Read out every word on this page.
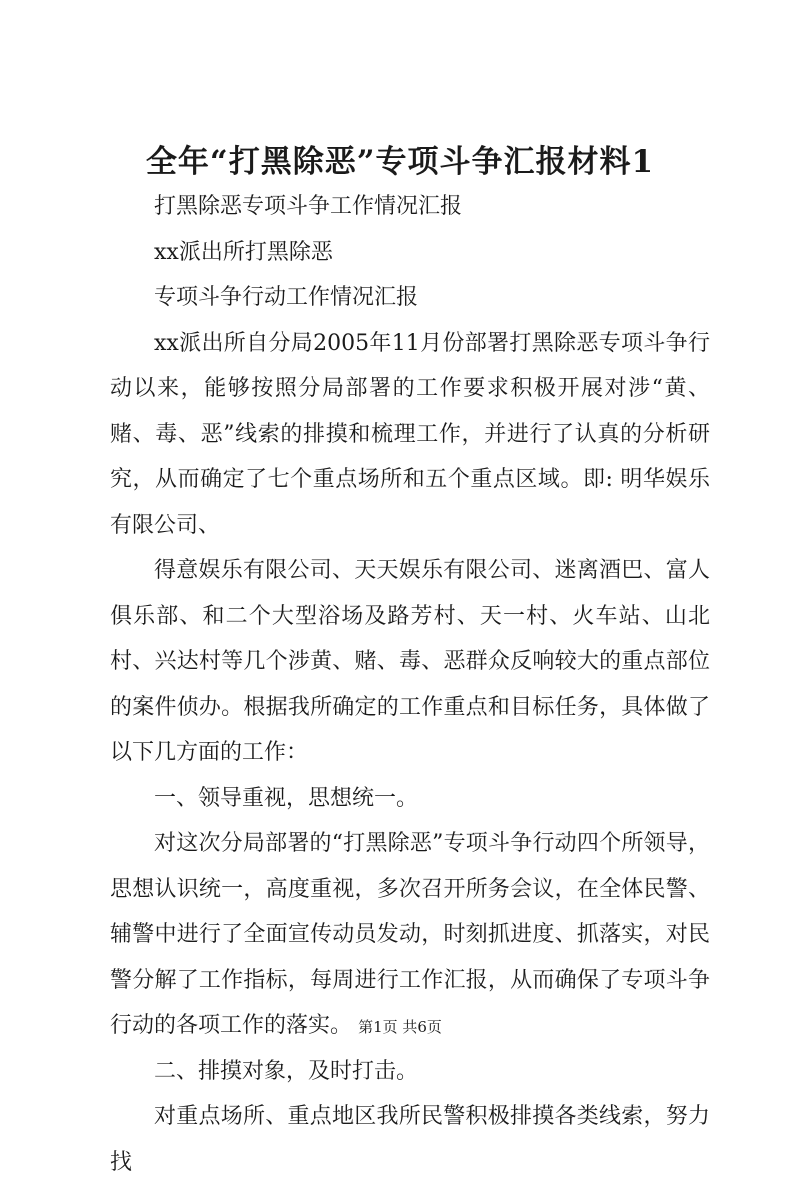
全年“打黑除恶”专项斗争汇报材料1

打黑除恶专项斗争工作情况汇报

xx派出所打黑除恶

专项斗争行动工作情况汇报

xx派出所自分局2005年11月份部署打黑除恶专项斗争行动以来，能够按照分局部署的工作要求积极开展对涉“黄、赌、毒、恶”线索的排摸和梳理工作，并进行了认真的分析研究，从而确定了七个重点场所和五个重点区域。即: 明华娱乐有限公司、

得意娱乐有限公司、天天娱乐有限公司、迷离酒巴、富人俱乐部、和二个大型浴场及路芳村、天一村、火车站、山北村、兴达村等几个涉黄、赌、毒、恶群众反响较大的重点部位的案件侦办。根据我所确定的工作重点和目标任务，具体做了以下几方面的工作：

一、领导重视，思想统一。

对这次分局部署的“打黑除恶”专项斗争行动四个所领导，思想认识统一，高度重视，多次召开所务会议，在全体民警、辅警中进行了全面宣传动员发动，时刻抓进度、抓落实，对民警分解了工作指标，每周进行工作汇报，从而确保了专项斗争行动的各项工作的落实。

二、排摸对象，及时打击。

对重点场所、重点地区我所民警积极排摸各类线索，努力找

第1页 共6页
